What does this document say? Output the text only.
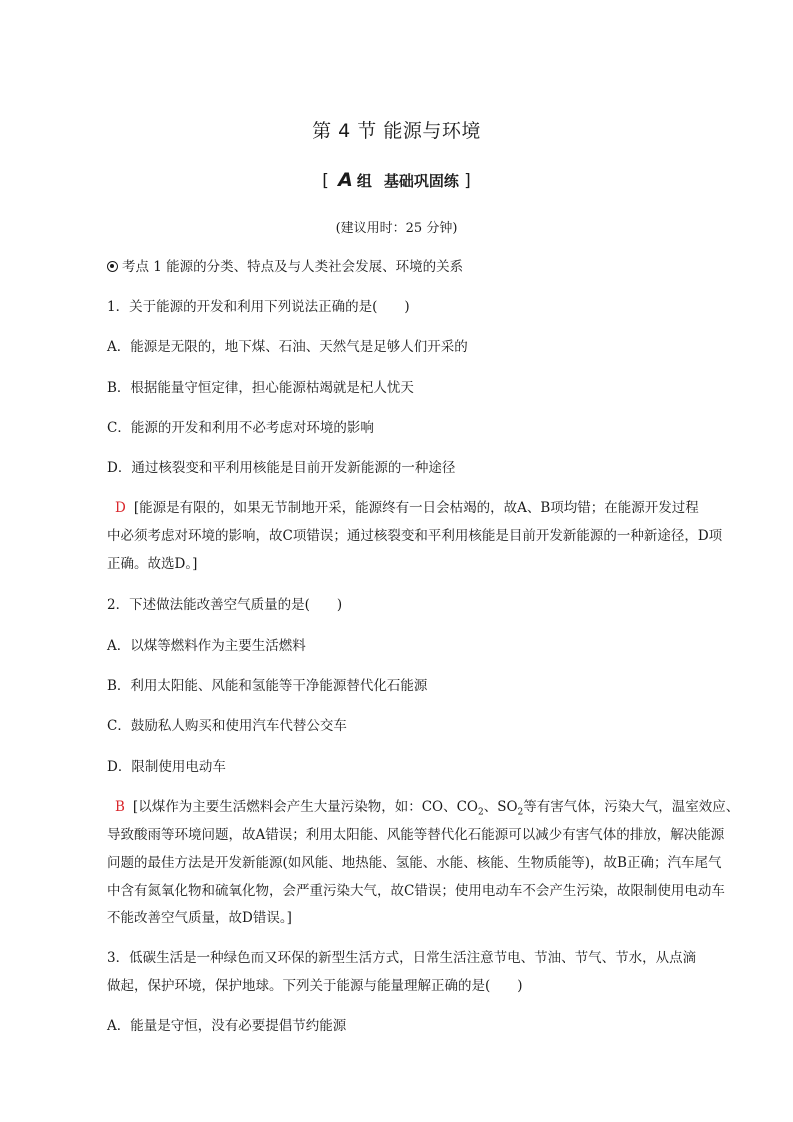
第 4 节 能源与环境
[ A 组 基础巩固练 ]
(建议用时：25 分钟)
考点 1 能源的分类、特点及与人类社会发展、环境的关系
1．关于能源的开发和利用下列说法正确的是(　　)
A．能源是无限的，地下煤、石油、天然气是足够人们开采的
B．根据能量守恒定律，担心能源枯竭就是杞人忧天
C．能源的开发和利用不必考虑对环境的影响
D．通过核裂变和平利用核能是目前开发新能源的一种途径
D [能源是有限的，如果无节制地开采，能源终有一日会枯竭的，故A、B项均错；在能源开发过程
中必须考虑对环境的影响，故C项错误；通过核裂变和平利用核能是目前开发新能源的一种新途径，D项
正确。故选D。]
2．下述做法能改善空气质量的是(　　)
A．以煤等燃料作为主要生活燃料
B．利用太阳能、风能和氢能等干净能源替代化石能源
C．鼓励私人购买和使用汽车代替公交车
D．限制使用电动车
B [以煤作为主要生活燃料会产生大量污染物，如：CO、$CO_2$、$SO_2$等有害气体，污染大气，温室效应、
导致酸雨等环境问题，故A错误；利用太阳能、风能等替代化石能源可以减少有害气体的排放，解决能源
问题的最佳方法是开发新能源(如风能、地热能、氢能、水能、核能、生物质能等)，故B正确；汽车尾气
中含有氮氧化物和硫氧化物，会严重污染大气，故C错误；使用电动车不会产生污染，故限制使用电动车
不能改善空气质量，故D错误。]
3．低碳生活是一种绿色而又环保的新型生活方式，日常生活注意节电、节油、节气、节水，从点滴
做起，保护环境，保护地球。下列关于能源与能量理解正确的是(　　)
A．能量是守恒，没有必要提倡节约能源
